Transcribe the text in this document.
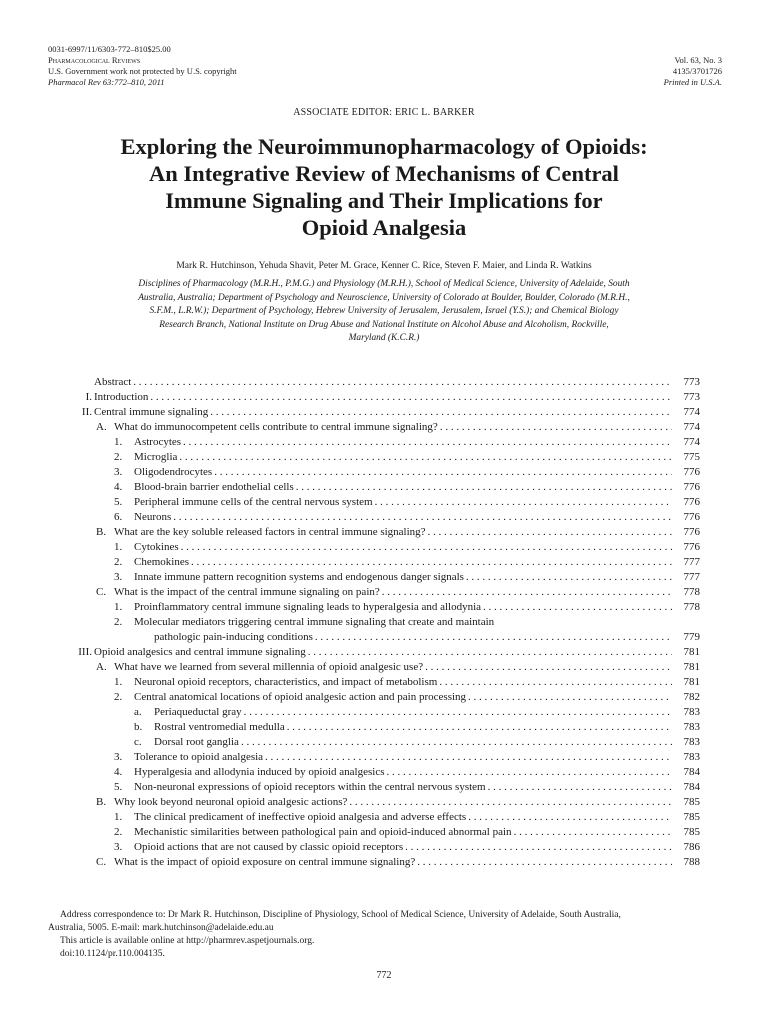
0031-6997/11/6303-772–810$25.00
Pharmacological Reviews
U.S. Government work not protected by U.S. copyright
Pharmacol Rev 63:772–810, 2011
Vol. 63, No. 3
4135/3701726
Printed in U.S.A.
ASSOCIATE EDITOR: ERIC L. BARKER
Exploring the Neuroimmunopharmacology of Opioids:
An Integrative Review of Mechanisms of Central
Immune Signaling and Their Implications for
Opioid Analgesia
Mark R. Hutchinson, Yehuda Shavit, Peter M. Grace, Kenner C. Rice, Steven F. Maier, and Linda R. Watkins
Disciplines of Pharmacology (M.R.H., P.M.G.) and Physiology (M.R.H.), School of Medical Science, University of Adelaide, South
Australia, Australia; Department of Psychology and Neuroscience, University of Colorado at Boulder, Boulder, Colorado (M.R.H.,
S.F.M., L.R.W.); Department of Psychology, Hebrew University of Jerusalem, Jerusalem, Israel (Y.S.); and Chemical Biology
Research Branch, National Institute on Drug Abuse and National Institute on Alcohol Abuse and Alcoholism, Rockville,
Maryland (K.C.R.)
Abstract . . .	773
I. Introduction . . .	773
II. Central immune signaling . . .	774
A. What do immunocompetent cells contribute to central immune signaling? . . .	774
1. Astrocytes . . .	774
2. Microglia . . .	775
3. Oligodendrocytes . . .	776
4. Blood-brain barrier endothelial cells . . .	776
5. Peripheral immune cells of the central nervous system . . .	776
6. Neurons . . .	776
B. What are the key soluble released factors in central immune signaling? . . .	776
1. Cytokines . . .	776
2. Chemokines . . .	777
3. Innate immune pattern recognition systems and endogenous danger signals . . .	777
C. What is the impact of the central immune signaling on pain? . . .	778
1. Proinflammatory central immune signaling leads to hyperalgesia and allodynia . . .	778
2. Molecular mediators triggering central immune signaling that create and maintain
pathologic pain-inducing conditions . . .	779
III. Opioid analgesics and central immune signaling . . .	781
A. What have we learned from several millennia of opioid analgesic use? . . .	781
1. Neuronal opioid receptors, characteristics, and impact of metabolism . . .	781
2. Central anatomical locations of opioid analgesic action and pain processing . . .	782
a. Periaqueductal gray . . .	783
b. Rostral ventromedial medulla . . .	783
c. Dorsal root ganglia . . .	783
3. Tolerance to opioid analgesia . . .	783
4. Hyperalgesia and allodynia induced by opioid analgesics . . .	784
5. Non-neuronal expressions of opioid receptors within the central nervous system . . .	784
B. Why look beyond neuronal opioid analgesic actions? . . .	785
1. The clinical predicament of ineffective opioid analgesia and adverse effects . . .	785
2. Mechanistic similarities between pathological pain and opioid-induced abnormal pain . . .	785
3. Opioid actions that are not caused by classic opioid receptors . . .	786
C. What is the impact of opioid exposure on central immune signaling? . . .	788

Address correspondence to: Dr Mark R. Hutchinson, Discipline of Physiology, School of Medical Science, University of Adelaide, South Australia,

Australia, 5005. E-mail: mark.hutchinson@adelaide.edu.au

This article is available online at http://pharmrev.aspetjournals.org.

doi:10.1124/pr.110.004135.

772
